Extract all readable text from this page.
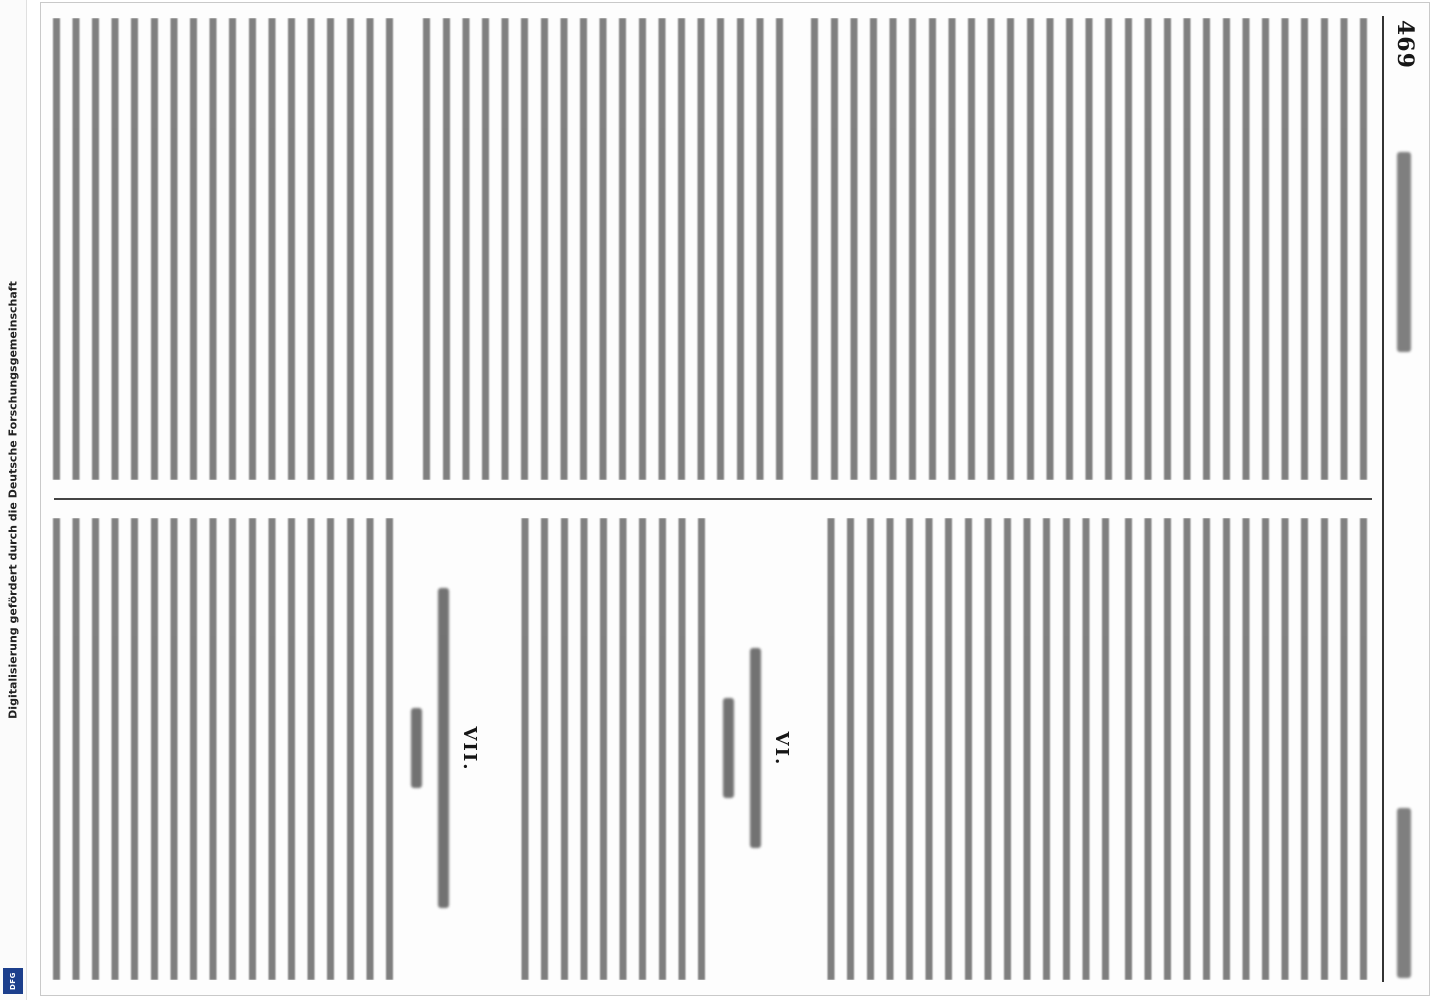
Digitalisierung gefördert durch die Deutsche Forschungsgemeinschaft
DFG
469
VI.
VII.
